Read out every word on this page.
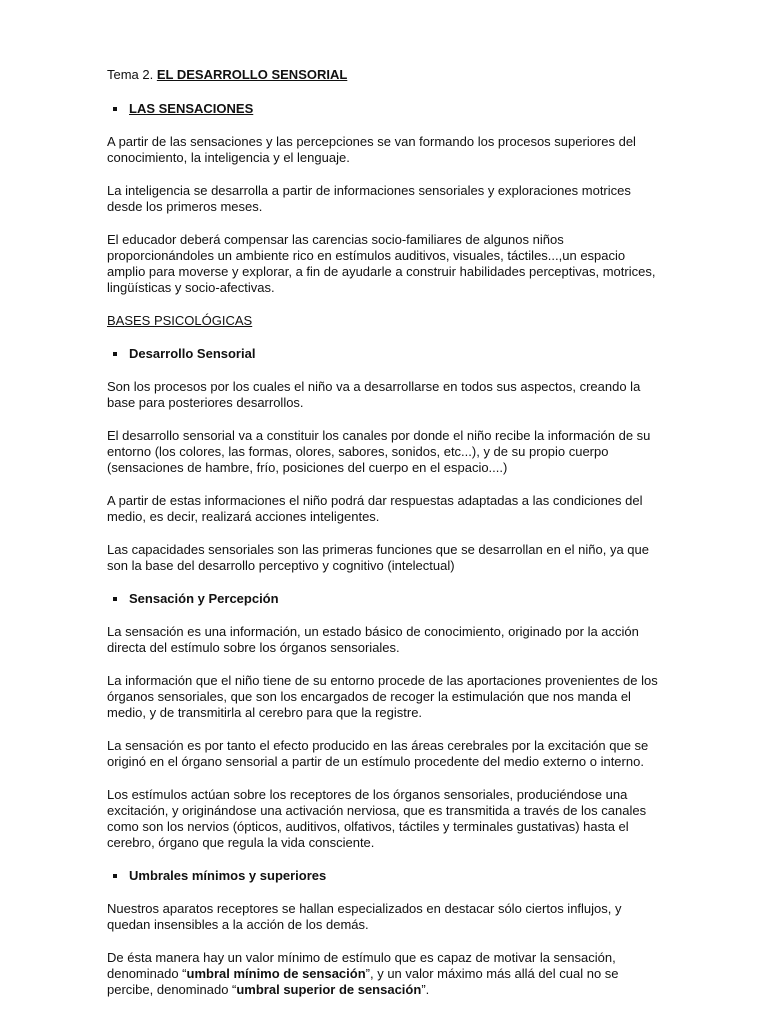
Tema 2. EL DESARROLLO SENSORIAL
LAS SENSACIONES

A partir de las sensaciones y las percepciones se van formando los procesos superiores del conocimiento, la inteligencia y el lenguaje.

La inteligencia se desarrolla a partir de informaciones sensoriales y exploraciones motrices desde los primeros meses.

El educador deberá compensar las carencias socio-familiares de algunos niños proporcionándoles un ambiente rico en estímulos auditivos, visuales, táctiles...,un espacio amplio para moverse y explorar, a fin de ayudarle a construir habilidades perceptivas, motrices, lingüísticas y socio-afectivas.

BASES PSICOLÓGICAS
Desarrollo Sensorial

Son los procesos por los cuales el niño va a desarrollarse en todos sus aspectos, creando la base para posteriores desarrollos.

El desarrollo sensorial va a constituir los canales por donde el niño recibe la información de su entorno (los colores, las formas, olores, sabores, sonidos, etc...), y de su propio cuerpo (sensaciones de hambre, frío, posiciones del cuerpo en el espacio....)

A partir de estas informaciones el niño podrá dar respuestas adaptadas a las condiciones del medio, es decir, realizará acciones inteligentes.

Las capacidades sensoriales son las primeras funciones que se desarrollan en el niño, ya que son la base del desarrollo perceptivo y cognitivo (intelectual)

Sensación y Percepción

La sensación es una información, un estado básico de conocimiento, originado por la acción directa del estímulo sobre los órganos sensoriales.

La información que el niño tiene de su entorno procede de las aportaciones provenientes de los órganos sensoriales, que son los encargados de recoger la estimulación que nos manda el medio, y de transmitirla al cerebro para que la registre.

La sensación es por tanto el efecto producido en las áreas cerebrales por la excitación que se originó en el órgano sensorial a partir de un estímulo procedente del medio externo o interno.

Los estímulos actúan sobre los receptores de los órganos sensoriales, produciéndose una excitación, y originándose una activación nerviosa, que es transmitida a través de los canales como son los nervios (ópticos, auditivos, olfativos, táctiles y terminales gustativas) hasta el cerebro, órgano que regula la vida consciente.

Umbrales mínimos y superiores

Nuestros aparatos receptores se hallan especializados en destacar sólo ciertos influjos, y quedan insensibles a la acción de los demás.

De ésta manera hay un valor mínimo de estímulo que es capaz de motivar la sensación, denominado “umbral mínimo de sensación”, y un valor máximo más allá del cual no se percibe, denominado “umbral superior de sensación”.
